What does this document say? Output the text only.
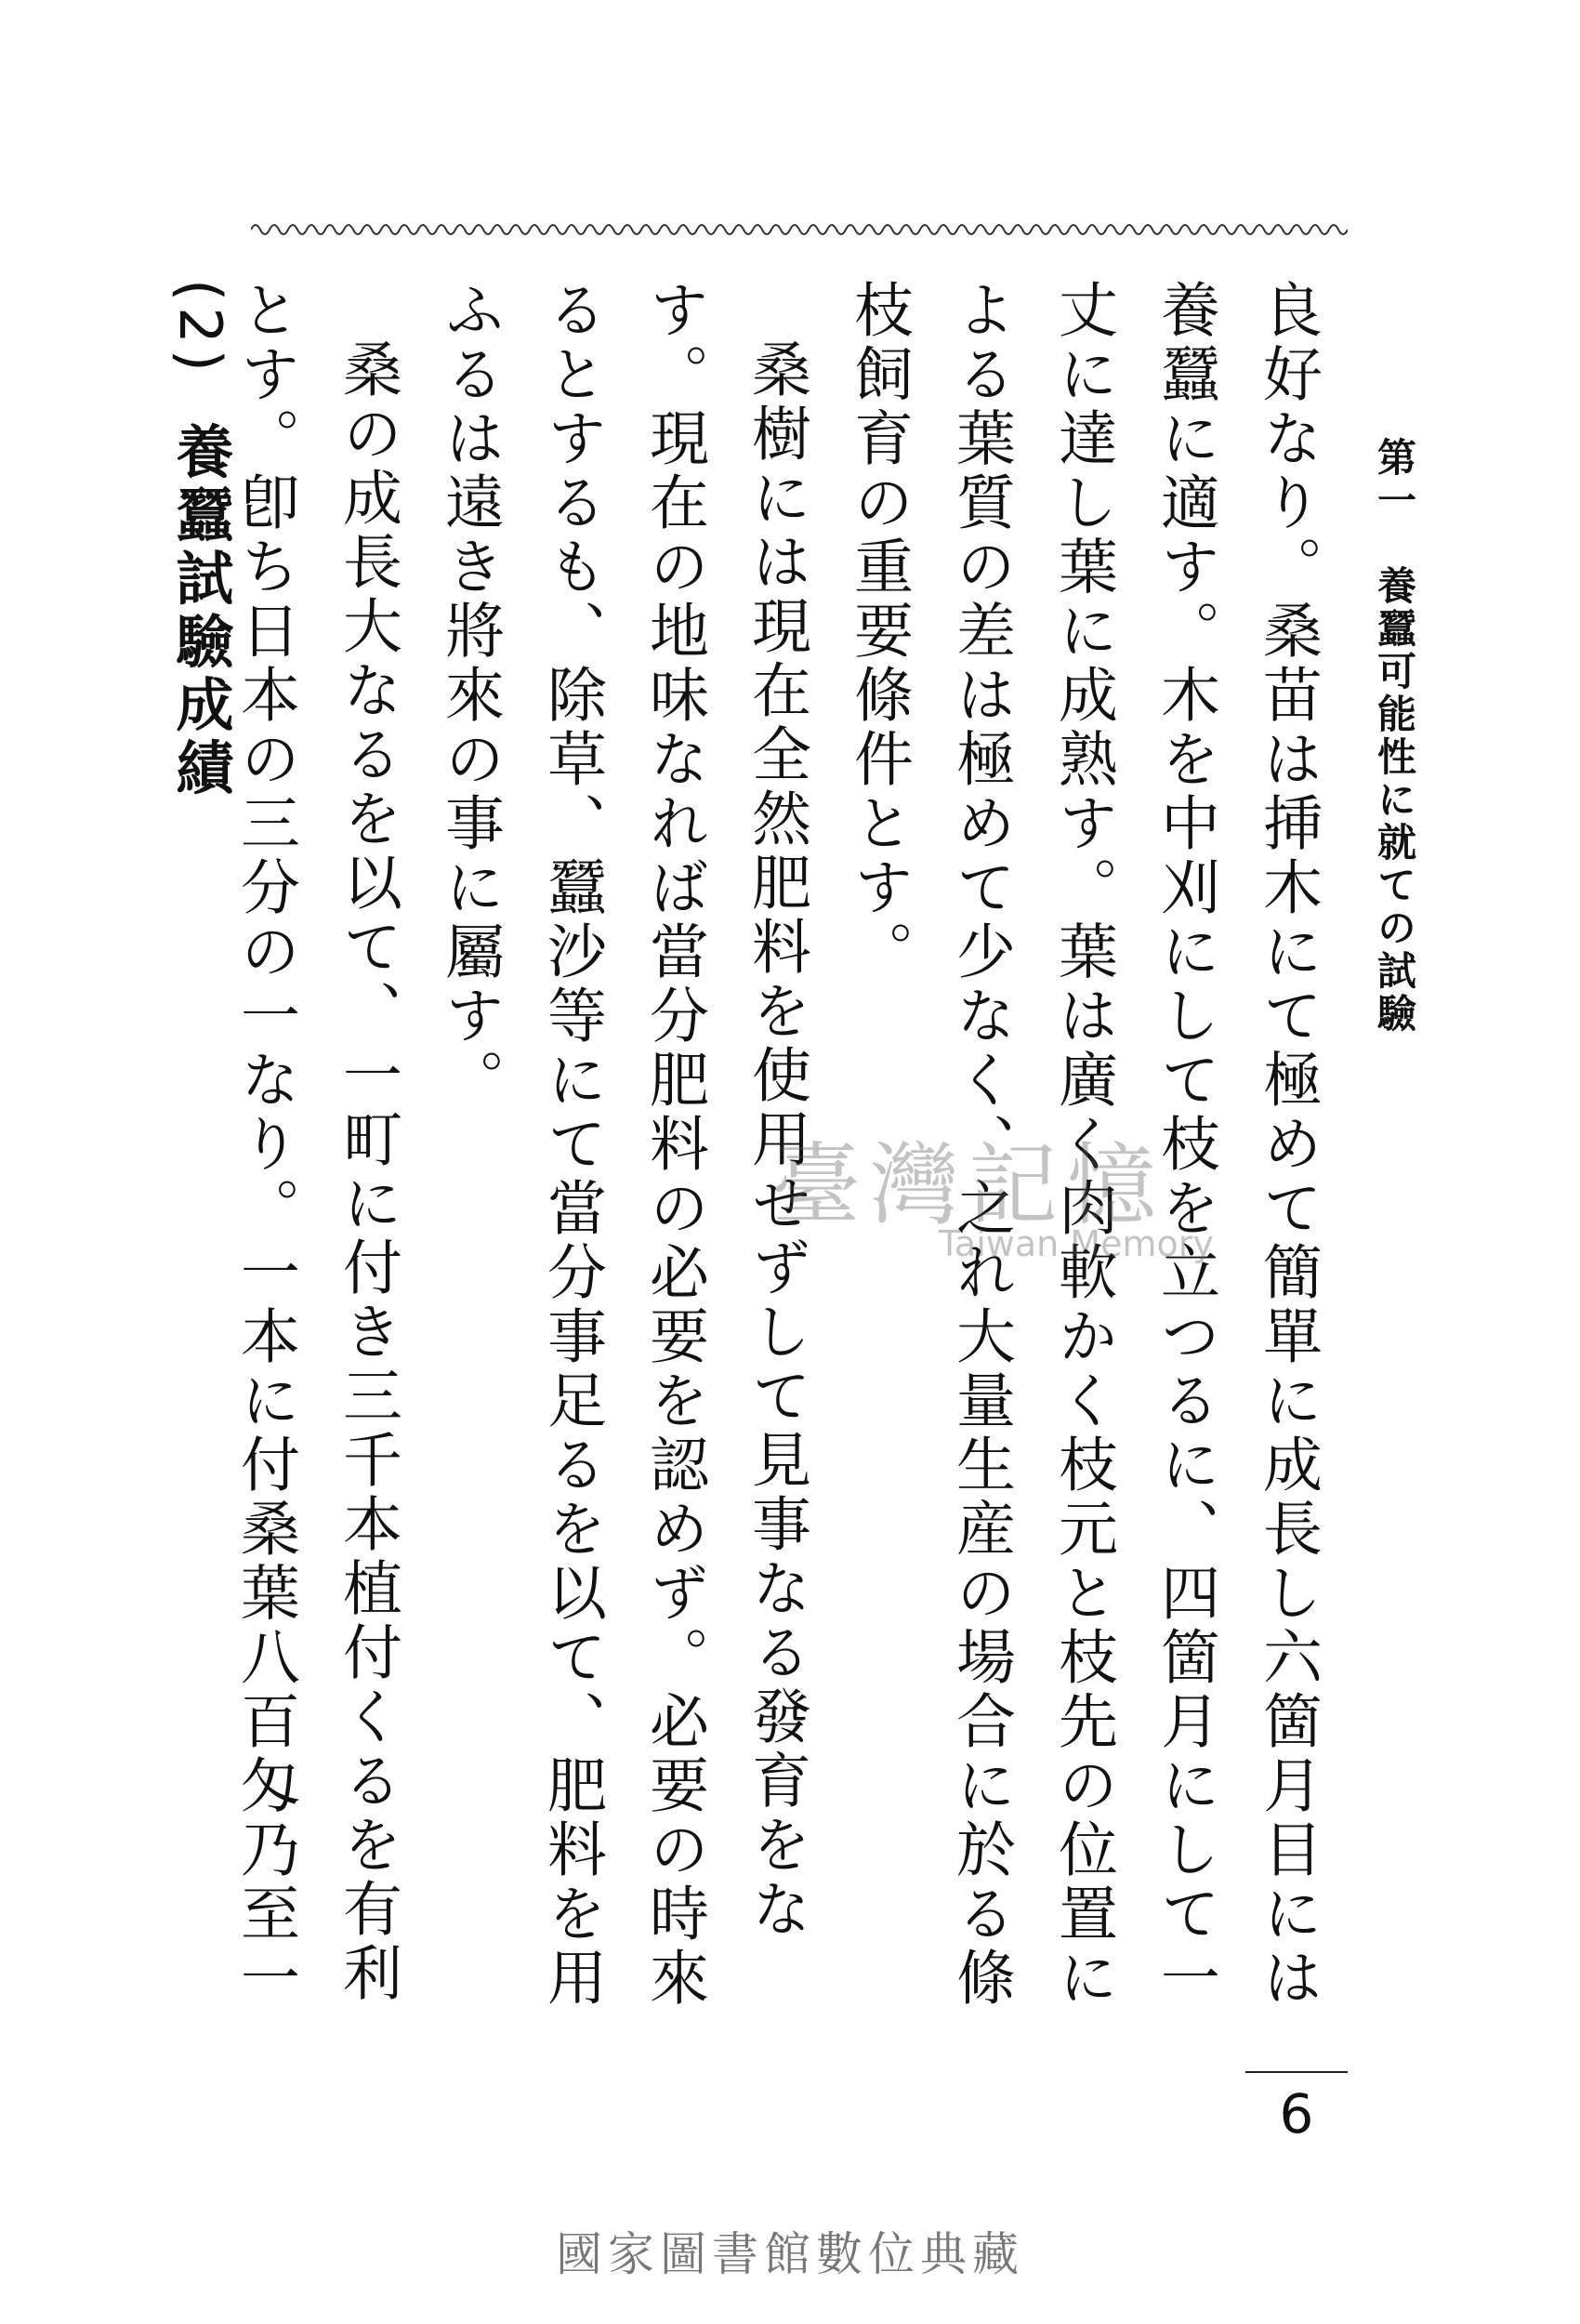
第一　養蠶可能性に就ての試驗

良好なり。桑苗は挿木にて極めて簡單に成長し六箇月目には養蠶に適す。木を中刈にして枝を立つるに、四箇月にして一丈に達し葉に成熟す。葉は廣く肉軟かく枝元と枝先の位置による葉質の差は極めて少なく、之れ大量生産の場合に於る條枝飼育の重要條件とす。

桑樹には現在全然肥料を使用せずして見事なる發育をなす。現在の地味なれば當分肥料の必要を認めず。必要の時來るとするも、除草、蠶沙等にて當分事足るを以て、肥料を用ふるは遠き將來の事に屬す。

桑の成長大なるを以て、一町に付き三千本植付くるを有利とす。卽ち日本の三分の一なり。一本に付桑葉八百匁乃至一

(2) 養蠶試驗成績
臺灣記憶
Taiwan Memory
6
國家圖書館數位典藏
